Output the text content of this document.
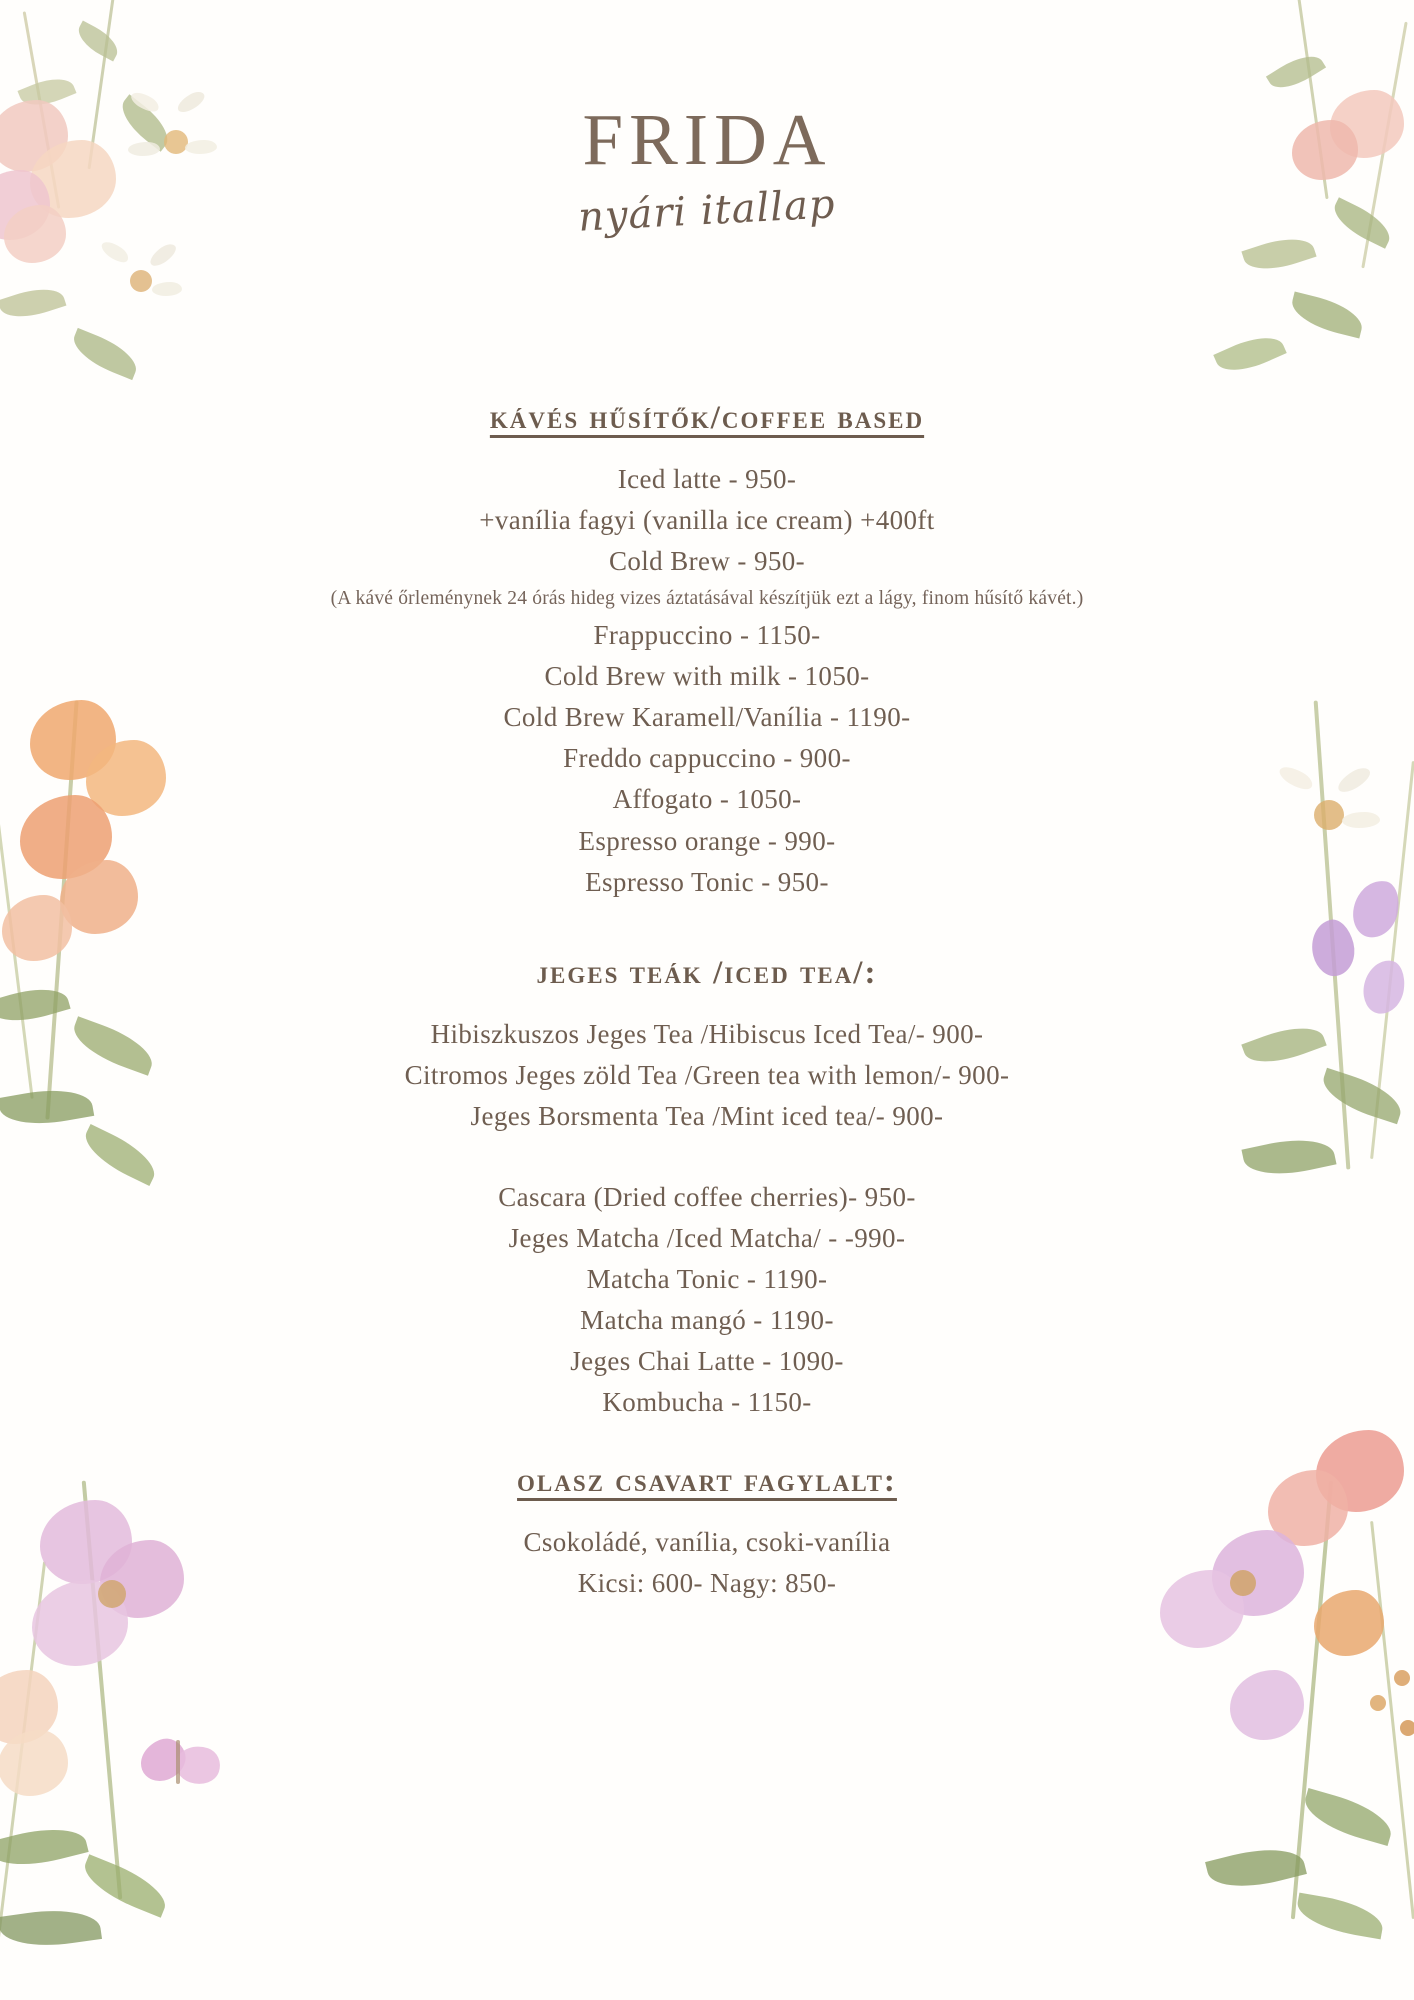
frida
nyári itallap
kávés hűsítők/coffee based

Iced latte - 950-

+vanília fagyi (vanilla ice cream) +400ft

Cold Brew - 950-

(A kávé őrleménynek 24 órás hideg vizes áztatásával készítjük ezt a lágy, finom hűsítő kávét.)

Frappuccino - 1150-

Cold Brew with milk - 1050-

Cold Brew Karamell/Vanília - 1190-

Freddo cappuccino - 900-

Affogato - 1050-

Espresso orange - 990-

Espresso Tonic - 950-

jeges teák /iced tea/:

Hibiszkuszos Jeges Tea /Hibiscus Iced Tea/- 900-

Citromos Jeges zöld Tea /Green tea with lemon/- 900-

Jeges Borsmenta Tea /Mint iced tea/- 900-

Cascara (Dried coffee cherries)- 950-

Jeges Matcha /Iced Matcha/ - -990-

Matcha Tonic - 1190-

Matcha mangó - 1190-

Jeges Chai Latte - 1090-

Kombucha - 1150-

olasz csavart fagylalt:

Csokoládé, vanília, csoki-vanília

Kicsi: 600- Nagy: 850-
